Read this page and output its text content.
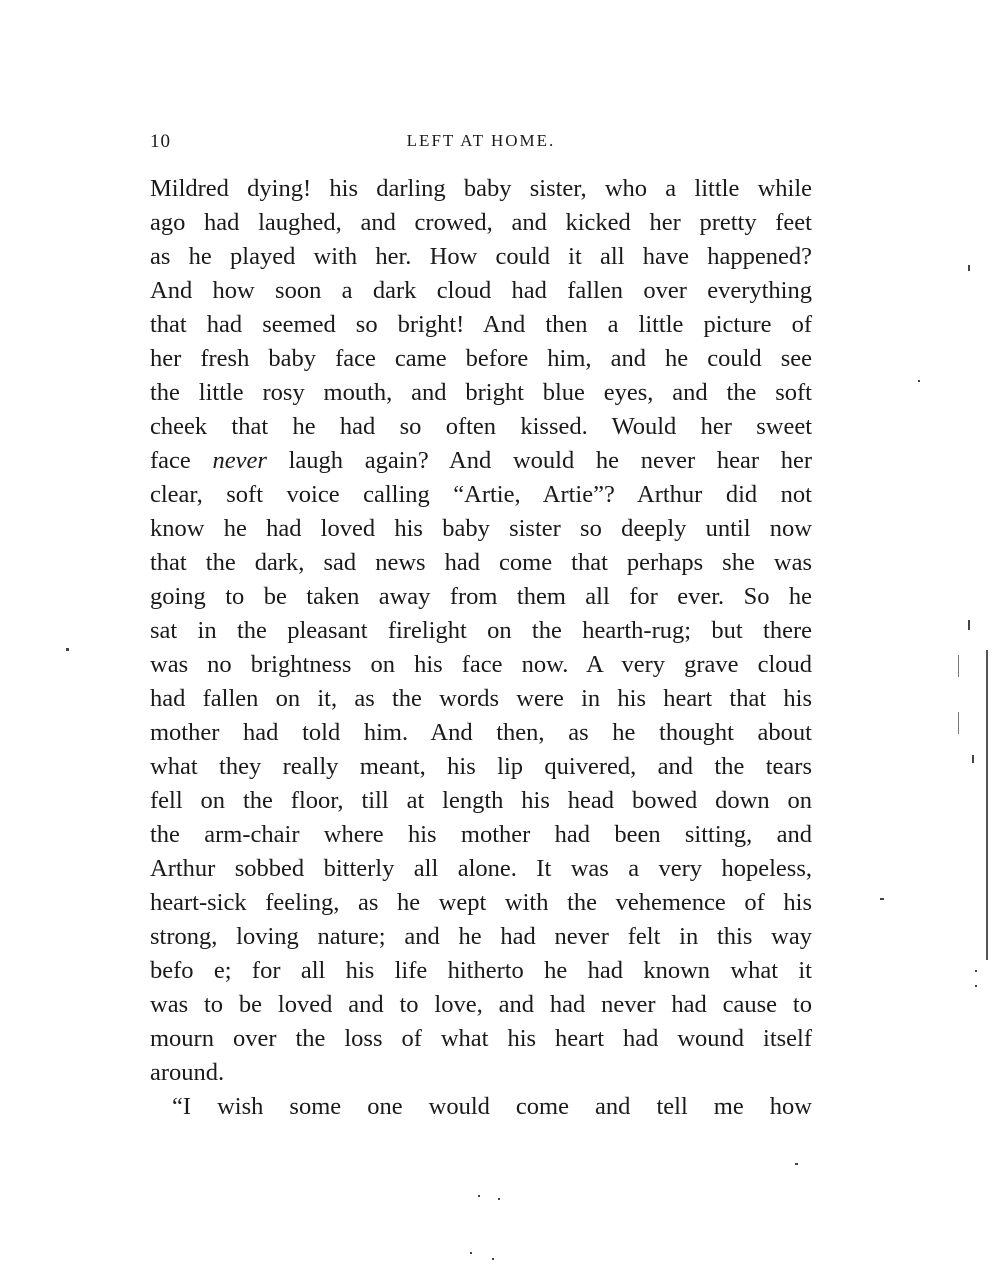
10	LEFT AT HOME.
Mildred dying! his darling baby sister, who a little while
ago had laughed, and crowed, and kicked her pretty feet
as he played with her. How could it all have happened?
And how soon a dark cloud had fallen over everything
that had seemed so bright! And then a little picture of
her fresh baby face came before him, and he could see
the little rosy mouth, and bright blue eyes, and the soft
cheek that he had so often kissed. Would her sweet
face never laugh again? And would he never hear her
clear, soft voice calling “Artie, Artie”? Arthur did not
know he had loved his baby sister so deeply until now
that the dark, sad news had come that perhaps she was
going to be taken away from them all for ever. So he
sat in the pleasant firelight on the hearth-rug; but there
was no brightness on his face now. A very grave cloud
had fallen on it, as the words were in his heart that his
mother had told him. And then, as he thought about
what they really meant, his lip quivered, and the tears
fell on the floor, till at length his head bowed down on
the arm-chair where his mother had been sitting, and
Arthur sobbed bitterly all alone. It was a very hopeless,
heart-sick feeling, as he wept with the vehemence of his
strong, loving nature; and he had never felt in this way
befo e; for all his life hitherto he had known what it
was to be loved and to love, and had never had cause to
mourn over the loss of what his heart had wound itself
around.
“I wish some one would come and tell me how
